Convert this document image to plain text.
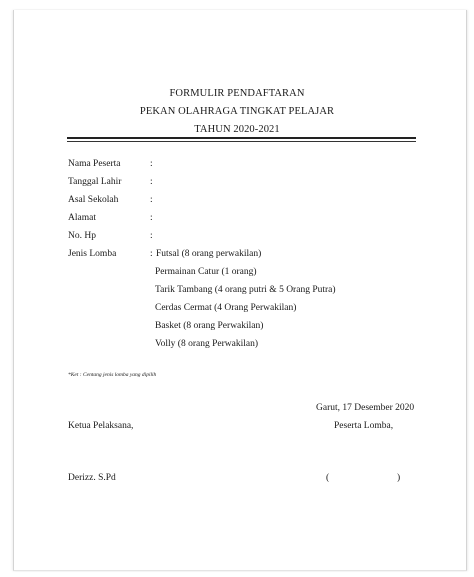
FORMULIR PENDAFTARAN
PEKAN OLAHRAGA TINGKAT PELAJAR
TAHUN 2020-2021
Nama Peserta	:
Tanggal Lahir	:
Asal Sekolah	:
Alamat	:
No. Hp	:
Jenis Lomba	: Futsal (8 orang perwakilan)
Permainan Catur (1 orang)
Tarik Tambang (4 orang putri & 5 Orang Putra)
Cerdas Cermat (4 Orang Perwakilan)
Basket (8 orang Perwakilan)
Volly (8 orang Perwakilan)
*Ket : Centang jenis lomba yang dipilih
Garut, 17 Desember 2020
Ketua Pelaksana,	Peserta Lomba,
Derizz. S.Pd	(	)
